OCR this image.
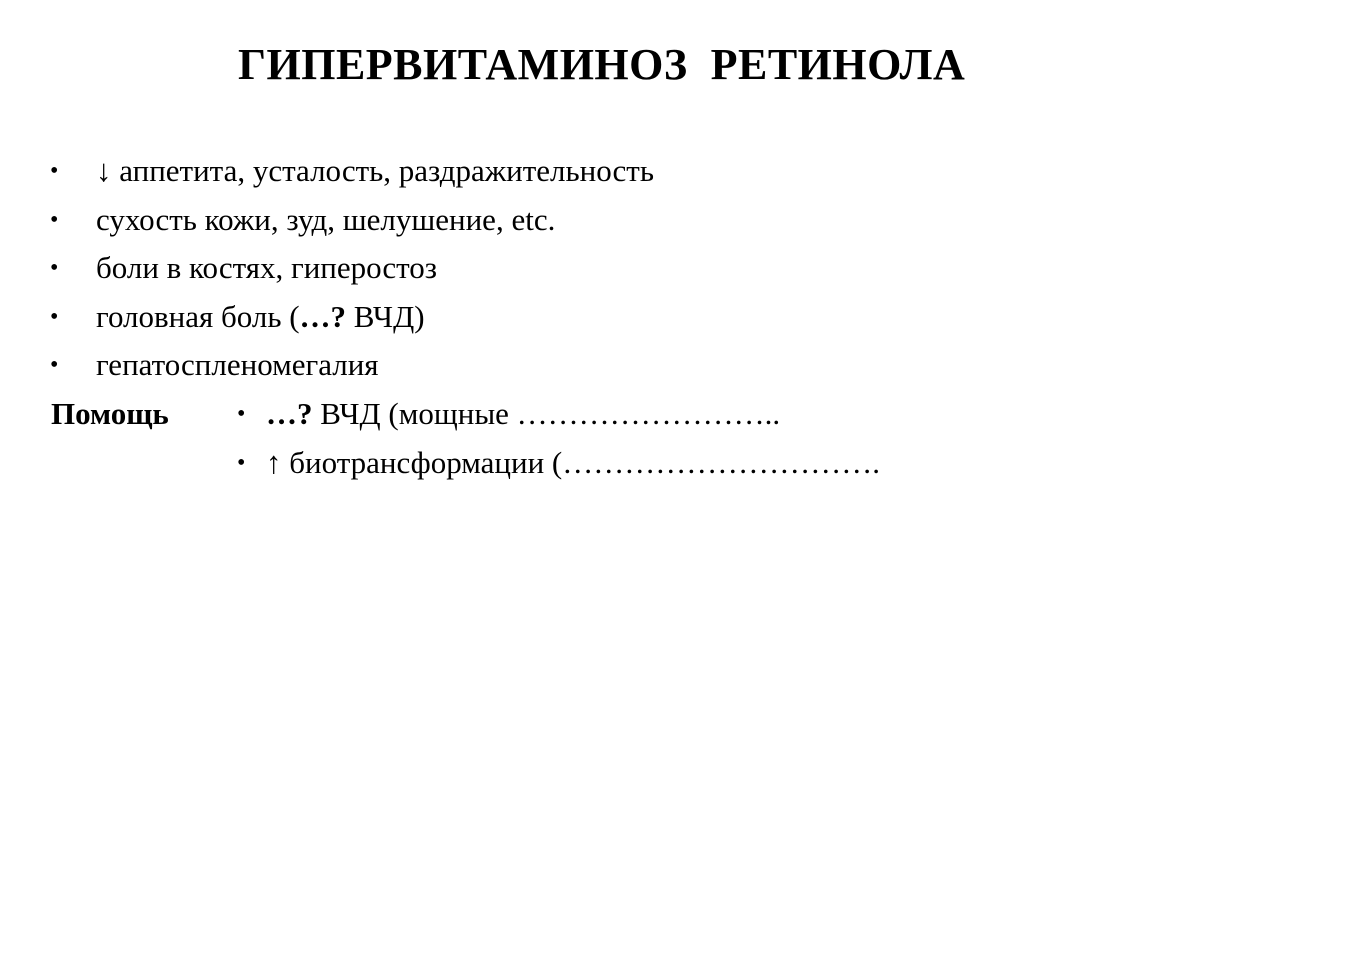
ГИПЕРВИТАМИНОЗ  РЕТИНОЛА
• ↓ аппетита, усталость, раздражительность
• сухость кожи, зуд, шелушение, etc.
• боли в костях, гиперостоз
• головная боль (…? ВЧД)
• гепатоспленомегалия
Помощь	• …? ВЧД (мощные ……………………..
• ↑ биотрансформации (………………………….
